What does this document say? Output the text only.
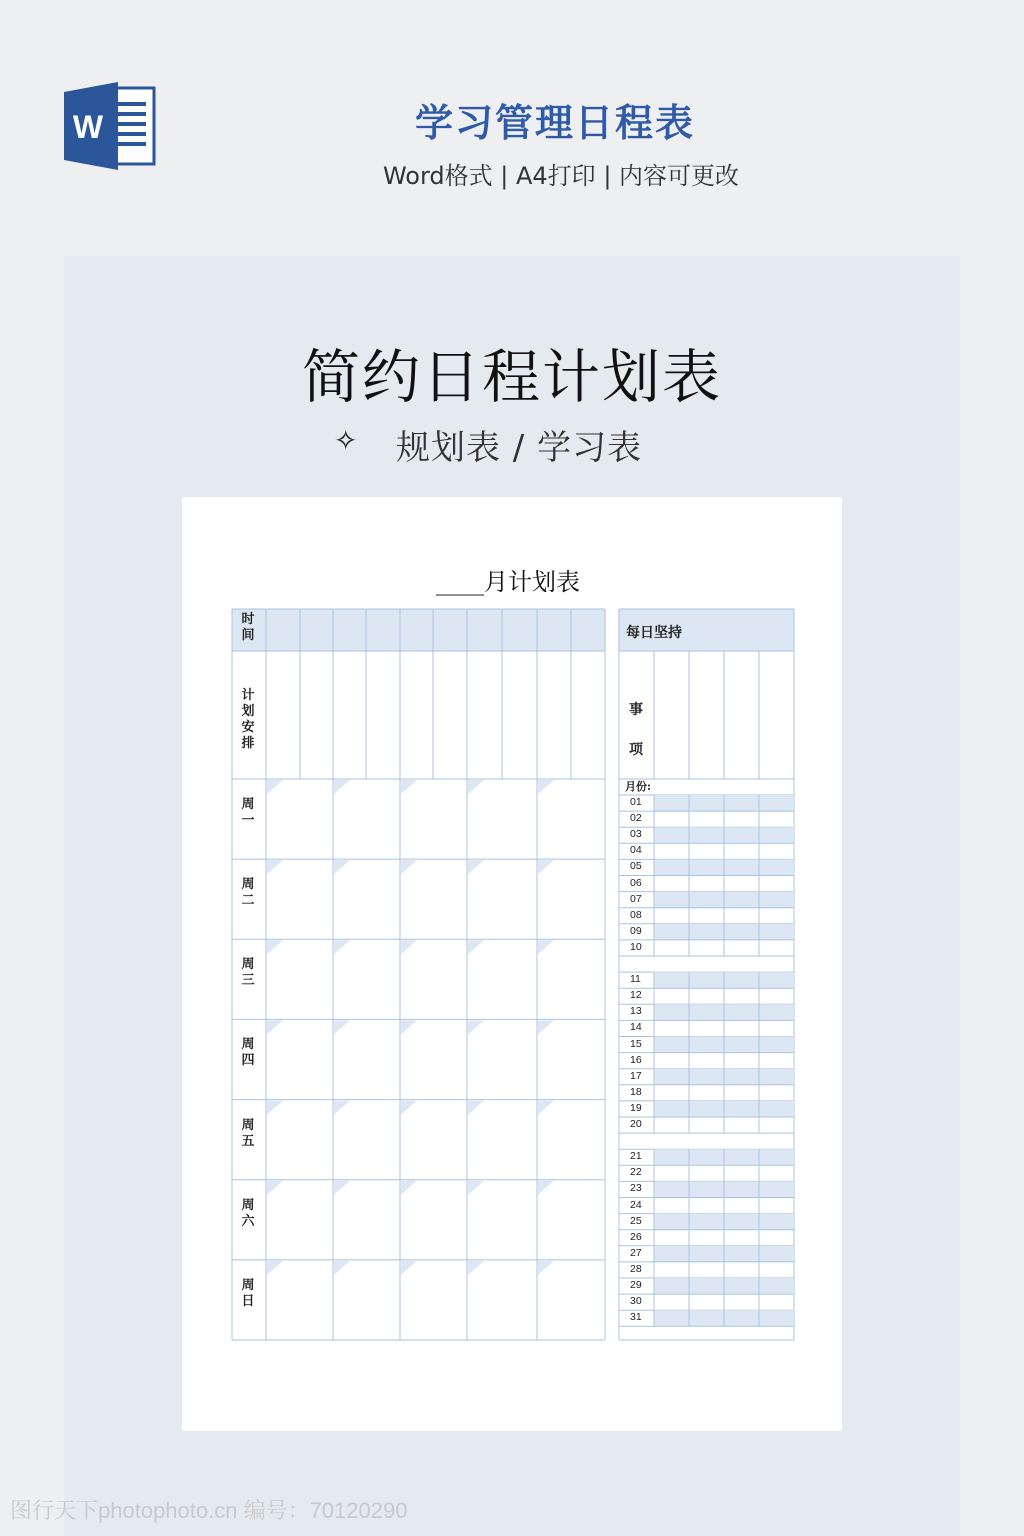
W	学习管理日程表
Word格式 | A4打印 | 内容可更改
简约日程计划表
✧ 规划表 / 学习表
____月计划表
时
间
计
划
安
排
周
一
周
二
周
三
周
四
周
五
周
六
周
日
每日坚持
事
项
月份:
01
02
03
04
05
06
07
08
09
10
11
12
13
14
15
16
17
18
19
20
21
22
23
24
25
26
27
28
29
30
31
图行天下photophoto.cn 编号：70120290
